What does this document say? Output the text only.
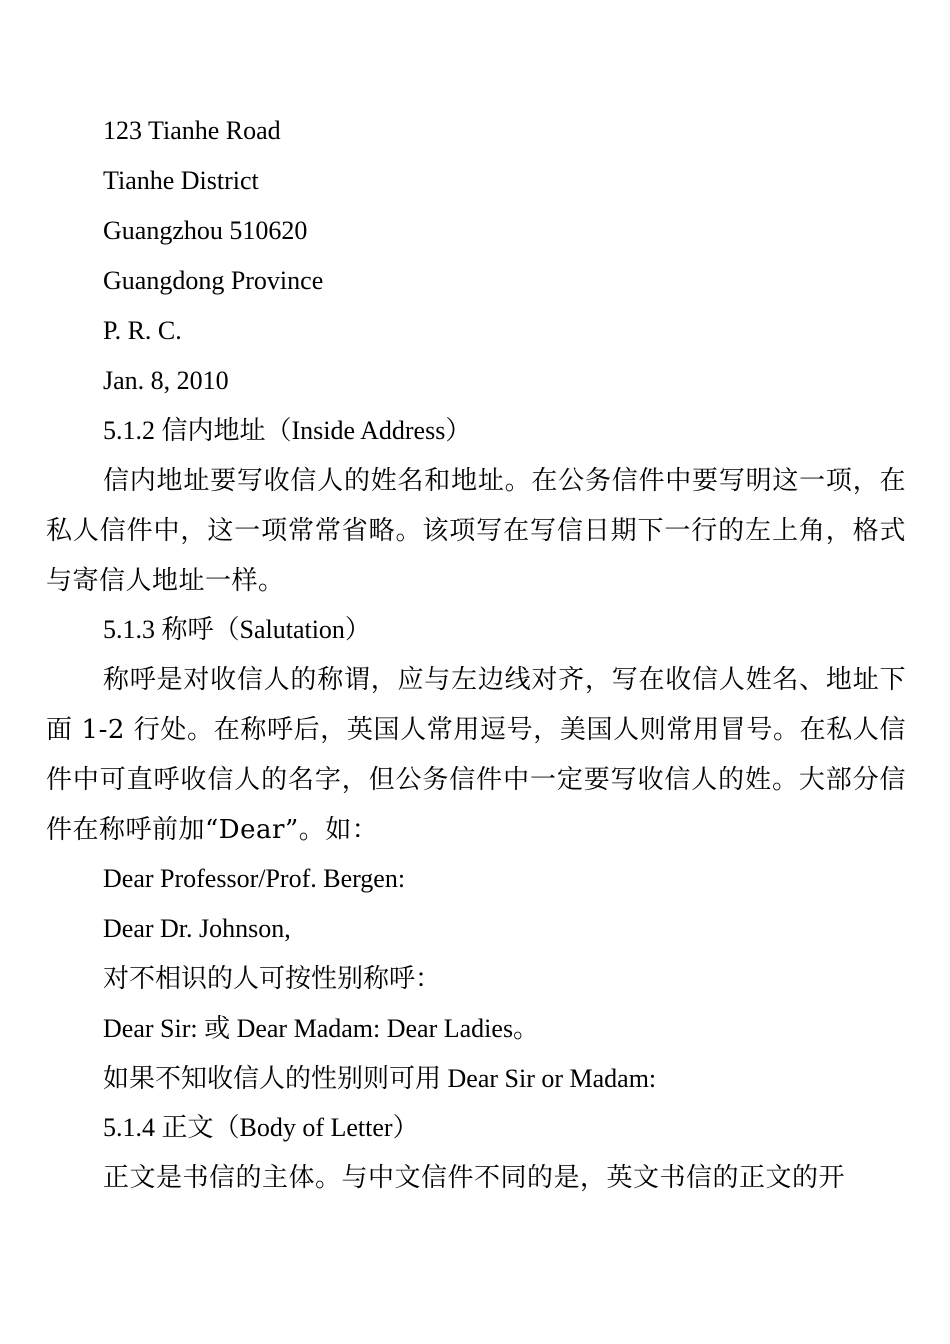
123 Tianhe Road
Tianhe District
Guangzhou 510620
Guangdong Province
P. R. C.
Jan. 8, 2010
5.1.2 信内地址（Inside Address）
信内地址要写收信人的姓名和地址。在公务信件中要写明这一项，在私人信件中，这一项常常省略。该项写在写信日期下一行的左上角，格式与寄信人地址一样。
5.1.3 称呼（Salutation）
称呼是对收信人的称谓，应与左边线对齐，写在收信人姓名、地址下面 1-2 行处。在称呼后，英国人常用逗号，美国人则常用冒号。在私人信件中可直呼收信人的名字，但公务信件中一定要写收信人的姓。大部分信件在称呼前加“Dear”。如：
Dear Professor/Prof. Bergen:
Dear Dr. Johnson,
对不相识的人可按性别称呼：
Dear Sir: 或 Dear Madam: Dear Ladies。
如果不知收信人的性别则可用 Dear Sir or Madam:
5.1.4 正文（Body of Letter）
正文是书信的主体。与中文信件不同的是，英文书信的正文的开
